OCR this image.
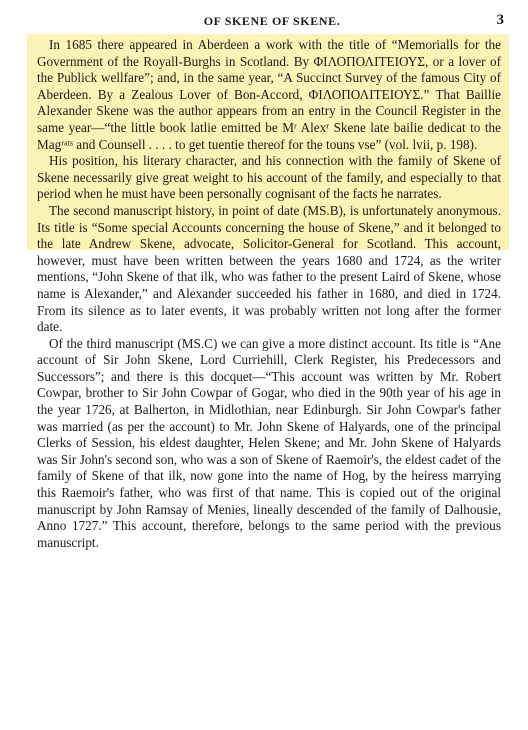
OF SKENE OF SKENE.	3

In 1685 there appeared in Aberdeen a work with the title of “Memorialls for the Government of the Royall-Burghs in Scotland. By ΦΙΛΟΠΟΛΙΤΕΙΟΥΣ, or a lover of the Publick wellfare”; and, in the same year, “A Succinct Survey of the famous City of Aberdeen. By a Zealous Lover of Bon-Accord, ΦΙΛΟΠΟΛΙΤΕΙΟΥΣ.” That Baillie Alexander Skene was the author appears from an entry in the Council Register in the same year—“the little book latlie emitted be Mʳ Alexʳ Skene late bailie dedicat to the Magʳᵃᵗˢ and Counsell . . . . to get tuentie thereof for the touns vse” (vol. lvii, p. 198).

His position, his literary character, and his connection with the family of Skene of Skene necessarily give great weight to his account of the family, and especially to that period when he must have been personally cognisant of the facts he narrates.

The second manuscript history, in point of date (MS.B), is unfortunately anonymous. Its title is “Some special Accounts concerning the house of Skene,” and it belonged to the late Andrew Skene, advocate, Solicitor-General for Scotland. This account, however, must have been written between the years 1680 and 1724, as the writer mentions, “John Skene of that ilk, who was father to the present Laird of Skene, whose name is Alexander,” and Alexander succeeded his father in 1680, and died in 1724. From its silence as to later events, it was probably written not long after the former date.

Of the third manuscript (MS.C) we can give a more distinct account. Its title is “Ane account of Sir John Skene, Lord Curriehill, Clerk Register, his Predecessors and Successors”; and there is this docquet—“This account was written by Mr. Robert Cowpar, brother to Sir John Cowpar of Gogar, who died in the 90th year of his age in the year 1726, at Balherton, in Midlothian, near Edinburgh. Sir John Cowpar's father was married (as per the account) to Mr. John Skene of Halyards, one of the principal Clerks of Session, his eldest daughter, Helen Skene; and Mr. John Skene of Halyards was Sir John's second son, who was a son of Skene of Raemoir's, the eldest cadet of the family of Skene of that ilk, now gone into the name of Hog, by the heiress marrying this Raemoir's father, who was first of that name. This is copied out of the original manuscript by John Ramsay of Menies, lineally descended of the family of Dalhousie, Anno 1727.” This account, therefore, belongs to the same period with the previous manuscript.
